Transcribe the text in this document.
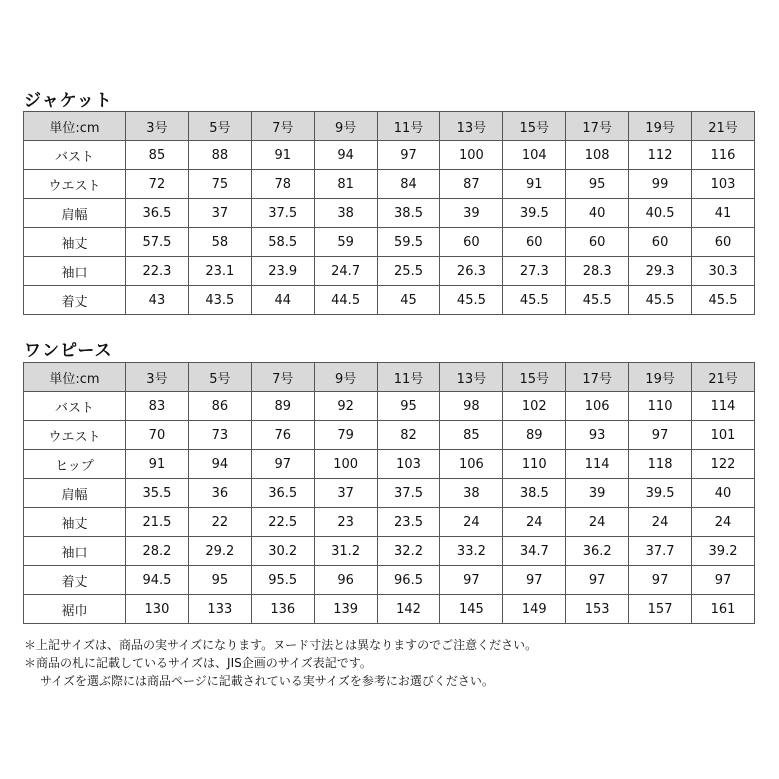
ジャケット
単位:cm	3号	5号	7号	9号	11号	13号	15号	17号	19号	21号
バスト	85	88	91	94	97	100	104	108	112	116
ウエスト	72	75	78	81	84	87	91	95	99	103
肩幅	36.5	37	37.5	38	38.5	39	39.5	40	40.5	41
袖丈	57.5	58	58.5	59	59.5	60	60	60	60	60
袖口	22.3	23.1	23.9	24.7	25.5	26.3	27.3	28.3	29.3	30.3
着丈	43	43.5	44	44.5	45	45.5	45.5	45.5	45.5	45.5
ワンピース
単位:cm	3号	5号	7号	9号	11号	13号	15号	17号	19号	21号
バスト	83	86	89	92	95	98	102	106	110	114
ウエスト	70	73	76	79	82	85	89	93	97	101
ヒップ	91	94	97	100	103	106	110	114	118	122
肩幅	35.5	36	36.5	37	37.5	38	38.5	39	39.5	40
袖丈	21.5	22	22.5	23	23.5	24	24	24	24	24
袖口	28.2	29.2	30.2	31.2	32.2	33.2	34.7	36.2	37.7	39.2
着丈	94.5	95	95.5	96	96.5	97	97	97	97	97
裾巾	130	133	136	139	142	145	149	153	157	161
＊上記サイズは、商品の実サイズになります。ヌード寸法とは異なりますのでご注意ください。
＊商品の札に記載しているサイズは、JIS企画のサイズ表記です。
サイズを選ぶ際には商品ページに記載されている実サイズを参考にお選びください。
